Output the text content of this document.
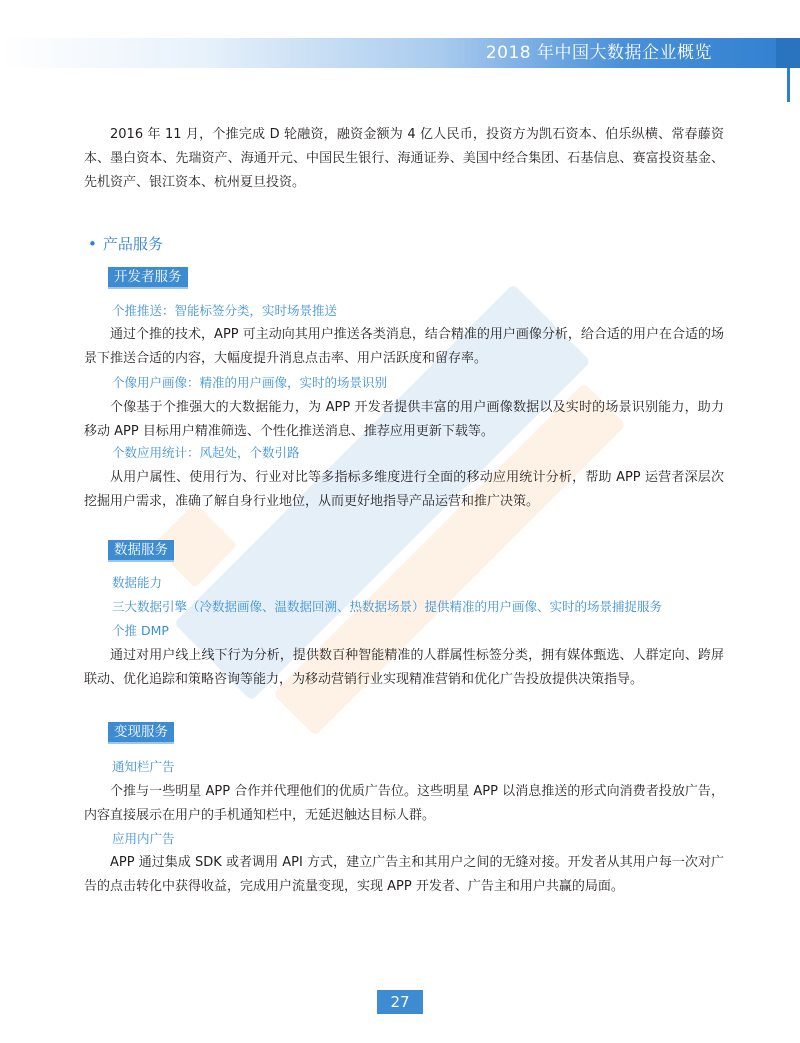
2018 年中国大数据企业概览

2016 年 11 月，个推完成 D 轮融资，融资金额为 4 亿人民币，投资方为凯石资本、伯乐纵横、常春藤资本、墨白资本、先瑞资产、海通开元、中国民生银行、海通证券、美国中经合集团、石基信息、赛富投资基金、先机资产、银江资本、杭州夏旦投资。

• 产品服务
开发者服务
个推推送：智能标签分类，实时场景推送

通过个推的技术，APP 可主动向其用户推送各类消息，结合精准的用户画像分析，给合适的用户在合适的场景下推送合适的内容，大幅度提升消息点击率、用户活跃度和留存率。

个像用户画像：精准的用户画像，实时的场景识别

个像基于个推强大的大数据能力，为 APP 开发者提供丰富的用户画像数据以及实时的场景识别能力，助力移动 APP 目标用户精准筛选、个性化推送消息、推荐应用更新下载等。

个数应用统计：风起处，个数引路

从用户属性、使用行为、行业对比等多指标多维度进行全面的移动应用统计分析，帮助 APP 运营者深层次挖掘用户需求，准确了解自身行业地位，从而更好地指导产品运营和推广决策。

数据服务
数据能力
三大数据引擎（冷数据画像、温数据回溯、热数据场景）提供精准的用户画像、实时的场景捕捉服务
个推 DMP

通过对用户线上线下行为分析，提供数百种智能精准的人群属性标签分类，拥有媒体甄选、人群定向、跨屏联动、优化追踪和策略咨询等能力，为移动营销行业实现精准营销和优化广告投放提供决策指导。

变现服务
通知栏广告

个推与一些明星 APP 合作并代理他们的优质广告位。这些明星 APP 以消息推送的形式向消费者投放广告，内容直接展示在用户的手机通知栏中，无延迟触达目标人群。

应用内广告

APP 通过集成 SDK 或者调用 API 方式，建立广告主和其用户之间的无缝对接。开发者从其用户每一次对广告的点击转化中获得收益，完成用户流量变现，实现 APP 开发者、广告主和用户共赢的局面。

27
